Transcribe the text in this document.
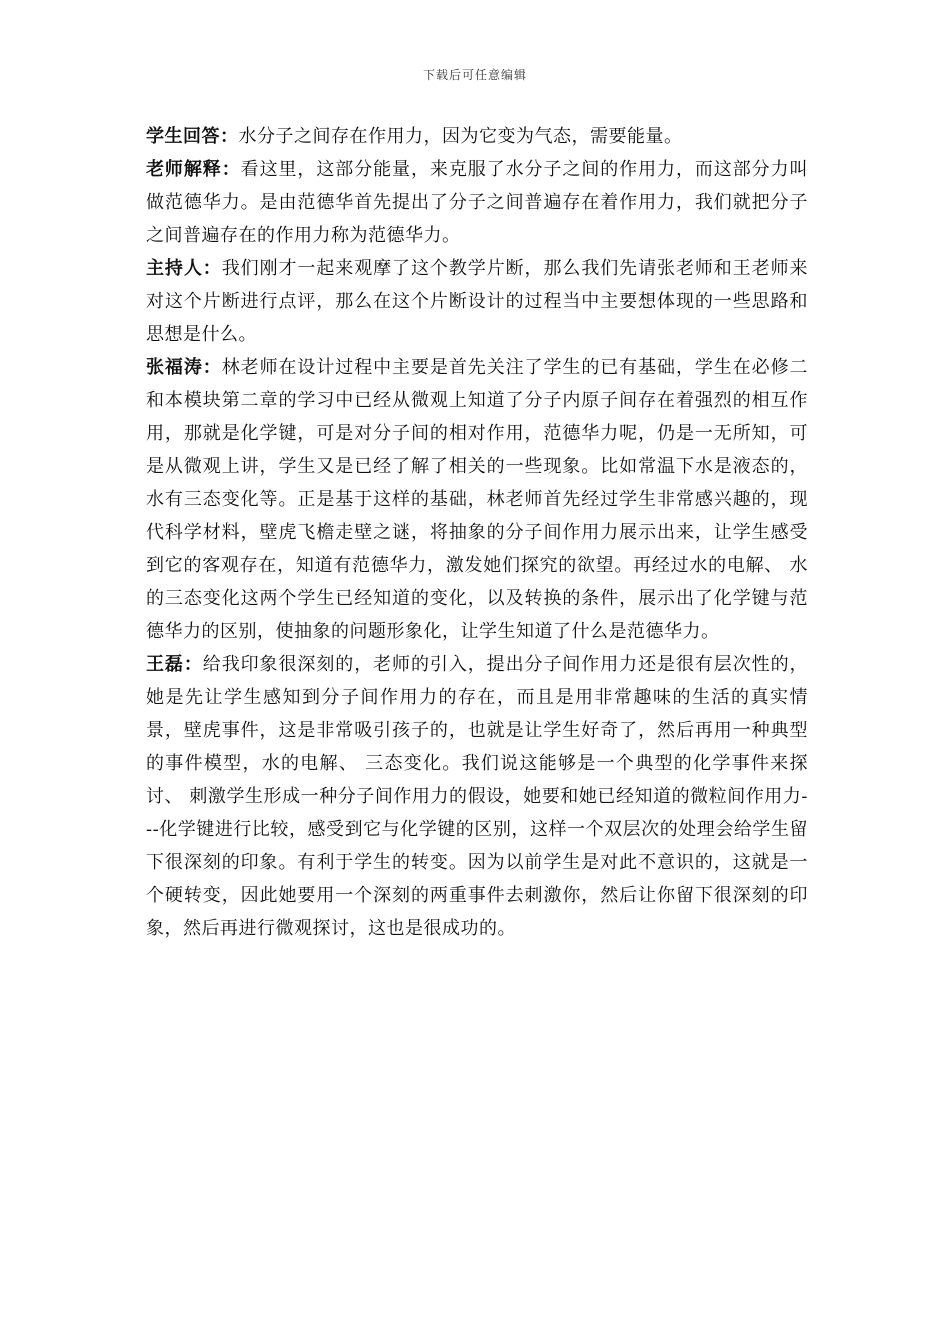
下载后可任意编辑

学生回答：水分子之间存在作用力，因为它变为气态，需要能量。

老师解释：看这里，这部分能量，来克服了水分子之间的作用力，而这部分力叫做范德华力。是由范德华首先提出了分子之间普遍存在着作用力，我们就把分子之间普遍存在的作用力称为范德华力。

主持人：我们刚才一起来观摩了这个教学片断，那么我们先请张老师和王老师来对这个片断进行点评，那么在这个片断设计的过程当中主要想体现的一些思路和思想是什么。

张福涛：林老师在设计过程中主要是首先关注了学生的已有基础，学生在必修二和本模块第二章的学习中已经从微观上知道了分子内原子间存在着强烈的相互作用，那就是化学键，可是对分子间的相对作用，范德华力呢，仍是一无所知，可是从微观上讲，学生又是已经了解了相关的一些现象。比如常温下水是液态的，水有三态变化等。正是基于这样的基础，林老师首先经过学生非常感兴趣的，现代科学材料，壁虎飞檐走壁之谜，将抽象的分子间作用力展示出来，让学生感受到它的客观存在，知道有范德华力，激发她们探究的欲望。再经过水的电解、 水的三态变化这两个学生已经知道的变化，以及转换的条件，展示出了化学键与范德华力的区别，使抽象的问题形象化，让学生知道了什么是范德华力。

王磊：给我印象很深刻的，老师的引入，提出分子间作用力还是很有层次性的，她是先让学生感知到分子间作用力的存在，而且是用非常趣味的生活的真实情景，壁虎事件，这是非常吸引孩子的，也就是让学生好奇了，然后再用一种典型的事件模型，水的电解、 三态变化。我们说这能够是一个典型的化学事件来探讨、 刺激学生形成一种分子间作用力的假设，她要和她已经知道的微粒间作用力---化学键进行比较，感受到它与化学键的区别，这样一个双层次的处理会给学生留下很深刻的印象。有利于学生的转变。因为以前学生是对此不意识的，这就是一个硬转变，因此她要用一个深刻的两重事件去刺激你，然后让你留下很深刻的印象，然后再进行微观探讨，这也是很成功的。
